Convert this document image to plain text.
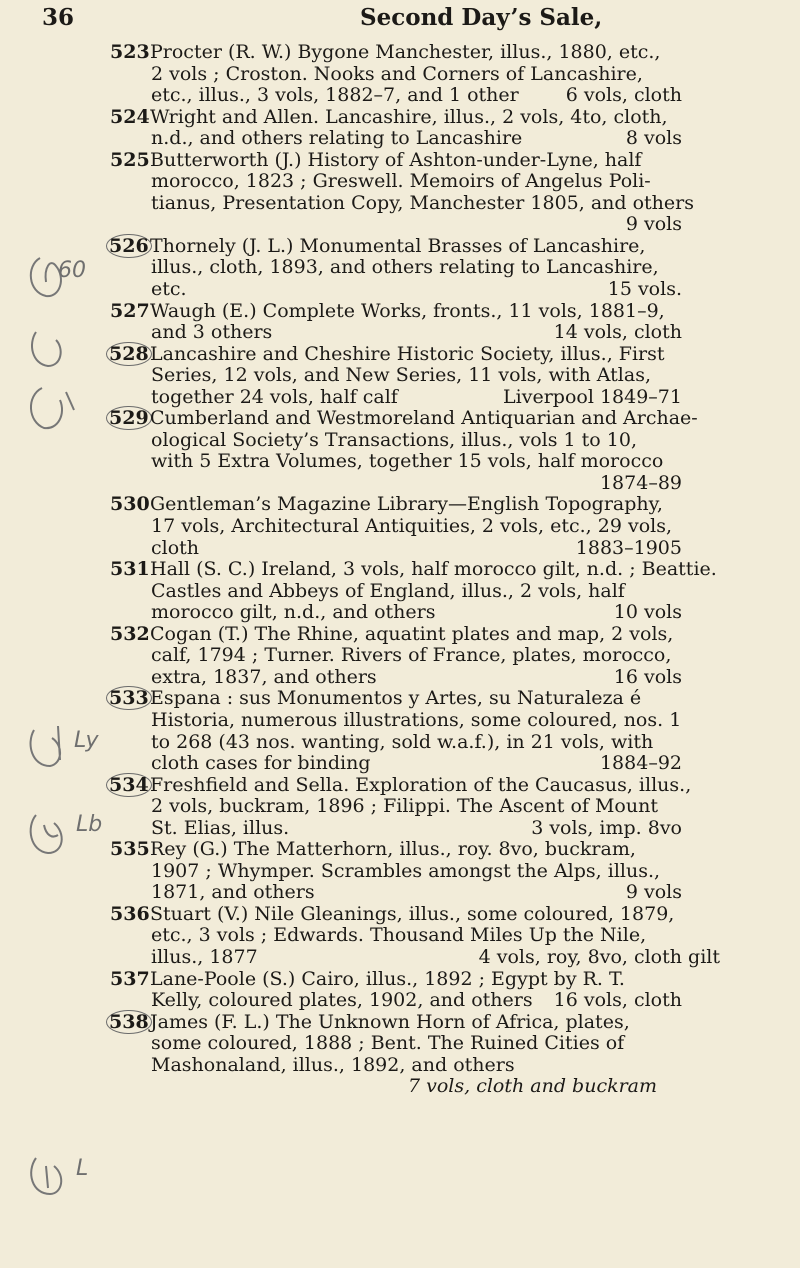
36	Second Day’s Sale,
60
Ly
Lb
L
523Procter (R. W.) Bygone Manchester, illus., 1880, etc.,
2 vols ; Croston. Nooks and Corners of Lancashire,
etc., illus., 3 vols, 1882–7, and 1 other 6 vols, cloth
524Wright and Allen. Lancashire, illus., 2 vols, 4to, cloth,
n.d., and others relating to Lancashire	8 vols
525Butterworth (J.) History of Ashton-under-Lyne, half
morocco, 1823 ; Greswell. Memoirs of Angelus Poli-
tianus, Presentation Copy, Manchester 1805, and others
9 vols
526Thornely (J. L.) Monumental Brasses of Lancashire,
illus., cloth, 1893, and others relating to Lancashire,
etc.	15 vols.
527Waugh (E.) Complete Works, fronts., 11 vols, 1881–9,
and 3 others	14 vols, cloth
528Lancashire and Cheshire Historic Society, illus., First
Series, 12 vols, and New Series, 11 vols, with Atlas,
together 24 vols, half calf	Liverpool 1849–71
529Cumberland and Westmoreland Antiquarian and Archae-
ological Society’s Transactions, illus., vols 1 to 10,
with 5 Extra Volumes, together 15 vols, half morocco
1874–89
530Gentleman’s Magazine Library—English Topography,
17 vols, Architectural Antiquities, 2 vols, etc., 29 vols,
cloth	1883–1905
531Hall (S. C.) Ireland, 3 vols, half morocco gilt, n.d. ; Beattie.
Castles and Abbeys of England, illus., 2 vols, half
morocco gilt, n.d., and others	10 vols
532Cogan (T.) The Rhine, aquatint plates and map, 2 vols,
calf, 1794 ; Turner. Rivers of France, plates, morocco,
extra, 1837, and others	16 vols
533Espana : sus Monumentos y Artes, su Naturaleza é
Historia, numerous illustrations, some coloured, nos. 1
to 268 (43 nos. wanting, sold w.a.f.), in 21 vols, with
cloth cases for binding	1884–92
534Freshfield and Sella. Exploration of the Caucasus, illus.,
2 vols, buckram, 1896 ; Filippi. The Ascent of Mount
St. Elias, illus.	3 vols, imp. 8vo
535Rey (G.) The Matterhorn, illus., roy. 8vo, buckram,
1907 ; Whymper. Scrambles amongst the Alps, illus.,
1871, and others	9 vols
536Stuart (V.) Nile Gleanings, illus., some coloured, 1879,
etc., 3 vols ; Edwards. Thousand Miles Up the Nile,
illus., 1877	4 vols, roy, 8vo, cloth gilt
537Lane-Poole (S.) Cairo, illus., 1892 ; Egypt by R. T.
Kelly, coloured plates, 1902, and others 16 vols, cloth
538James (F. L.) The Unknown Horn of Africa, plates,
some coloured, 1888 ; Bent. The Ruined Cities of
Mashonaland, illus., 1892, and others
7 vols, cloth and buckram
